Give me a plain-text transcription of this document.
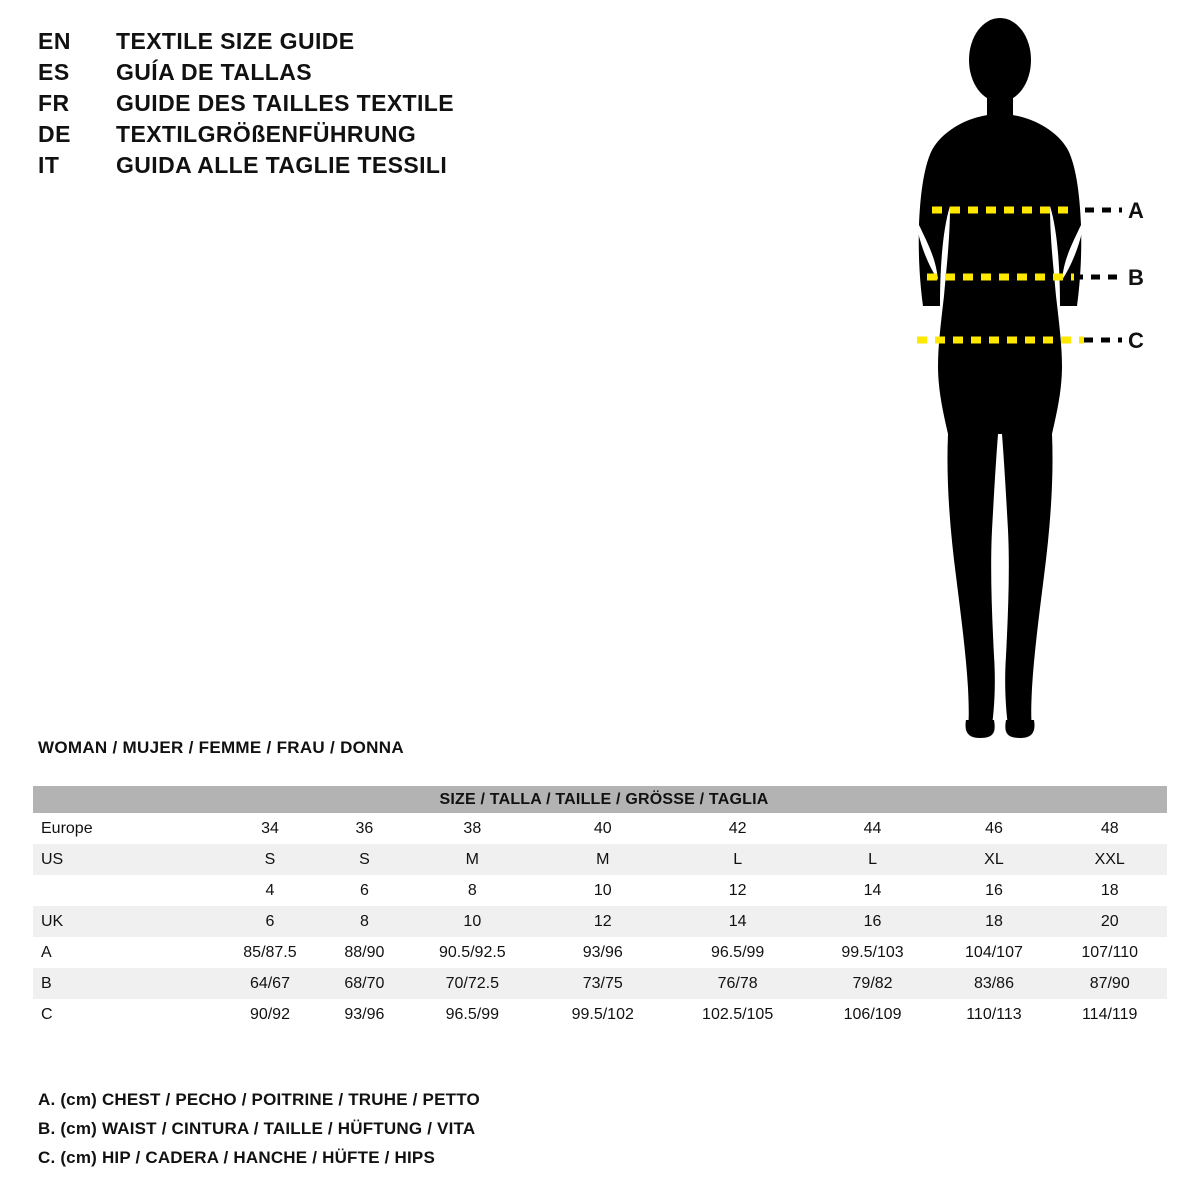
EN	TEXTILE SIZE GUIDE
ES	GUÍA DE TALLAS
FR	GUIDE DES TAILLES TEXTILE
DE	TEXTILGRÖßENFÜHRUNG
IT	GUIDA ALLE TAGLIE TESSILI
A
B
C
WOMAN / MUJER / FEMME / FRAU / DONNA
SIZE / TALLA / TAILLE / GRÖSSE / TAGLIA								
Europe	34	36	38	40	42	44	46	48
US	S	S	M	M	L	L	XL	XXL
	4	6	8	10	12	14	16	18
UK	6	8	10	12	14	16	18	20
A	85/87.5	88/90	90.5/92.5	93/96	96.5/99	99.5/103	104/107	107/110
B	64/67	68/70	70/72.5	73/75	76/78	79/82	83/86	87/90
C	90/92	93/96	96.5/99	99.5/102	102.5/105	106/109	110/113	114/119
A. (cm) CHEST / PECHO / POITRINE / TRUHE / PETTO
B. (cm) WAIST / CINTURA / TAILLE / HÜFTUNG / VITA
C. (cm) HIP / CADERA / HANCHE / HÜFTE / HIPS
